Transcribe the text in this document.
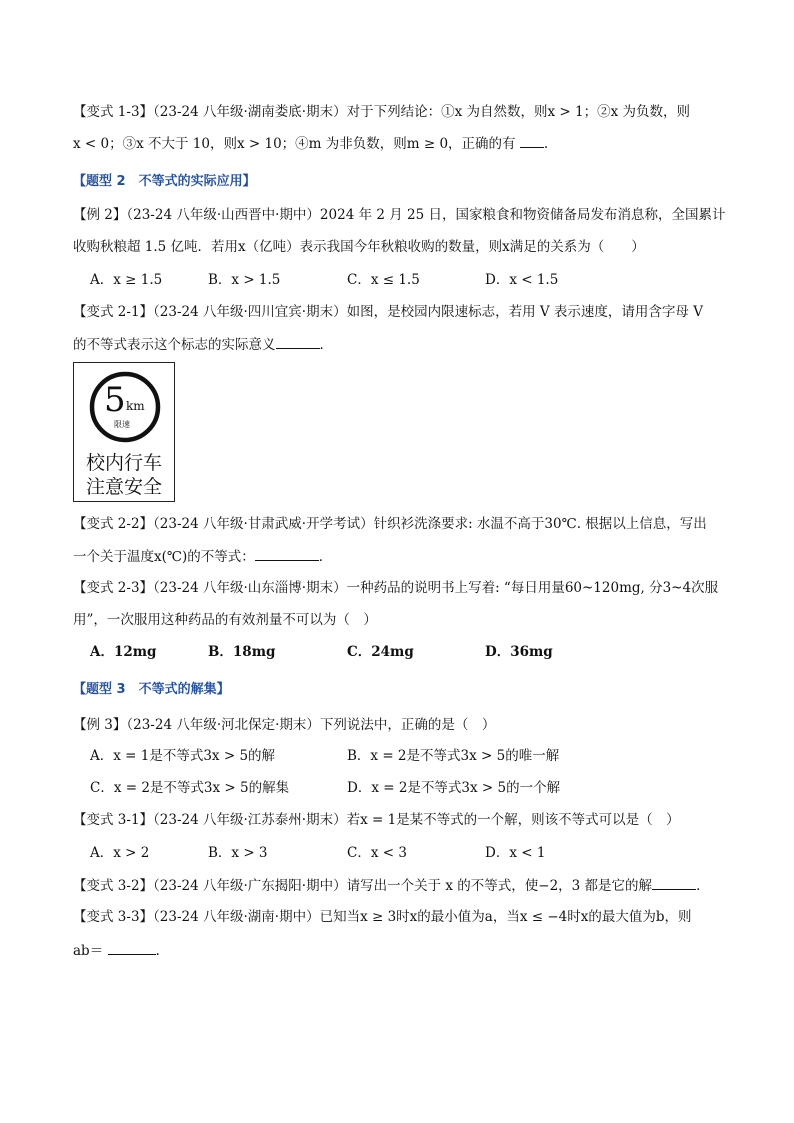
【变式 1-3】（23-24 八年级·湖南娄底·期末）对于下列结论：①x 为自然数，则x > 1；②x 为负数，则
x < 0；③x 不大于 10，则x > 10；④m 为非负数，则m ≥ 0，正确的有 .
【题型 2　不等式的实际应用】
【例 2】（23-24 八年级·山西晋中·期中）2024 年 2 月 25 日，国家粮食和物资储备局发布消息称，全国累计
收购秋粮超 1.5 亿吨．若用x（亿吨）表示我国今年秋粮收购的数量，则x满足的关系为（　　）
A．x ≥ 1.5	B．x > 1.5	C．x ≤ 1.5	D．x < 1.5
【变式 2-1】（23-24 八年级·四川宜宾·期末）如图，是校园内限速标志，若用 V 表示速度，请用含字母 V
的不等式表示这个标志的实际意义	．
5 km
限速
校内行车
注意安全
【变式 2-2】（23-24 八年级·甘肃武威·开学考试）针织衫洗涤要求: 水温不高于30℃. 根据以上信息，写出
一个关于温度x(℃)的不等式：	．
【变式 2-3】（23-24 八年级·山东淄博·期末）一种药品的说明书上写着: “每日用量60~120mg, 分3~4次服
用”，一次服用这种药品的有效剂量不可以为（　）
A．12mg	B．18mg	C．24mg	D．36mg
【题型 3　不等式的解集】
【例 3】（23-24 八年级·河北保定·期末）下列说法中，正确的是（　）
A．x = 1是不等式3x > 5的解	B．x = 2是不等式3x > 5的唯一解
C．x = 2是不等式3x > 5的解集	D．x = 2是不等式3x > 5的一个解
【变式 3-1】（23-24 八年级·江苏泰州·期末）若x = 1是某不等式的一个解，则该不等式可以是（　）
A．x > 2	B．x > 3	C．x < 3	D．x < 1
【变式 3-2】（23-24 八年级·广东揭阳·期中）请写出一个关于 x 的不等式，使−2，3 都是它的解	．
【变式 3-3】（23-24 八年级·湖南·期中）已知当x ≥ 3时x的最小值为a，当x ≤ −4时x的最大值为b，则
ab＝	.
